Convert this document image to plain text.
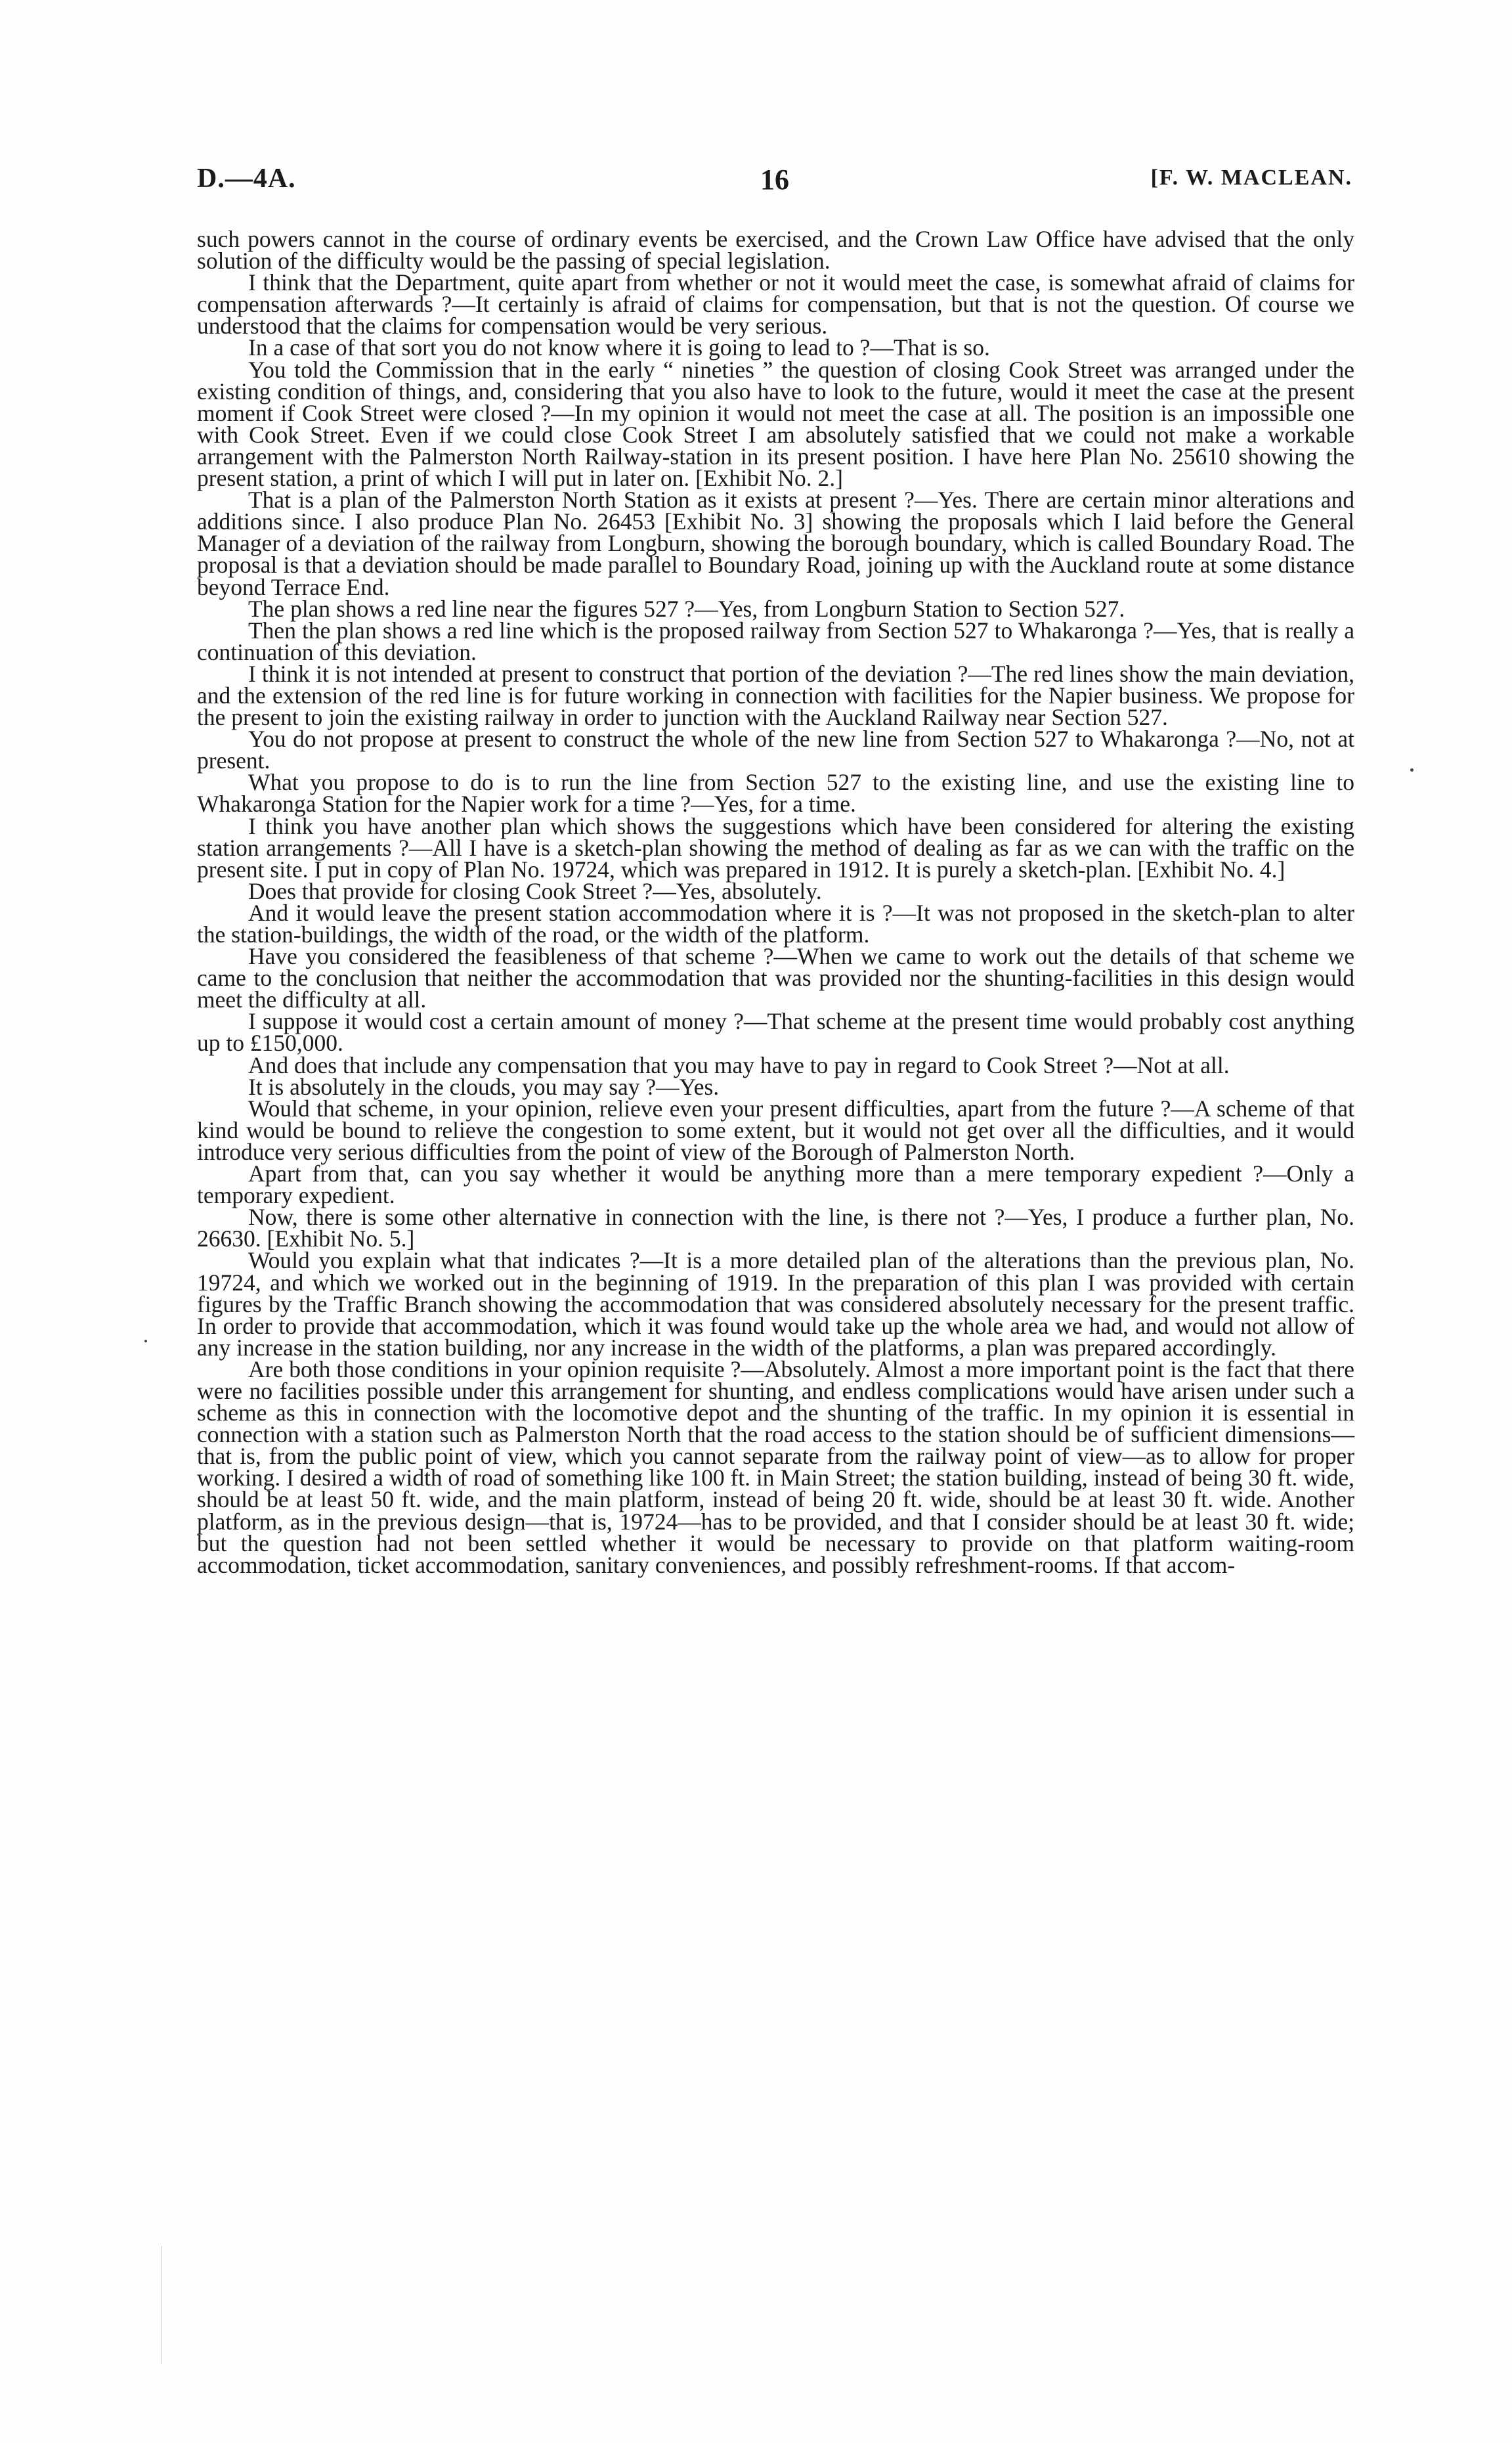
D.—4A.	16	[F. W. MACLEAN.

such powers cannot in the course of ordinary events be exercised, and the Crown Law Office have advised that the only solution of the difficulty would be the passing of special legislation.

I think that the Department, quite apart from whether or not it would meet the case, is somewhat afraid of claims for compensation afterwards ?—It certainly is afraid of claims for compensation, but that is not the question. Of course we understood that the claims for compensation would be very serious.

In a case of that sort you do not know where it is going to lead to ?—That is so.

You told the Commission that in the early “ nineties ” the question of closing Cook Street was arranged under the existing condition of things, and, considering that you also have to look to the future, would it meet the case at the present moment if Cook Street were closed ?—In my opinion it would not meet the case at all. The position is an impossible one with Cook Street. Even if we could close Cook Street I am absolutely satisfied that we could not make a workable arrangement with the Palmerston North Railway-station in its present position. I have here Plan No. 25610 showing the present station, a print of which I will put in later on. [Exhibit No. 2.]

That is a plan of the Palmerston North Station as it exists at present ?—Yes. There are certain minor alterations and additions since. I also produce Plan No. 26453 [Exhibit No. 3] showing the proposals which I laid before the General Manager of a deviation of the railway from Longburn, showing the borough boundary, which is called Boundary Road. The proposal is that a deviation should be made parallel to Boundary Road, joining up with the Auckland route at some distance beyond Terrace End.

The plan shows a red line near the figures 527 ?—Yes, from Longburn Station to Section 527.

Then the plan shows a red line which is the proposed railway from Section 527 to Whakaronga ?—Yes, that is really a continuation of this deviation.

I think it is not intended at present to construct that portion of the deviation ?—The red lines show the main deviation, and the extension of the red line is for future working in connection with facilities for the Napier business. We propose for the present to join the existing railway in order to junction with the Auckland Railway near Section 527.

You do not propose at present to construct the whole of the new line from Section 527 to Whakaronga ?—No, not at present.

What you propose to do is to run the line from Section 527 to the existing line, and use the existing line to Whakaronga Station for the Napier work for a time ?—Yes, for a time.

I think you have another plan which shows the suggestions which have been considered for altering the existing station arrangements ?—All I have is a sketch-plan showing the method of dealing as far as we can with the traffic on the present site. I put in copy of Plan No. 19724, which was prepared in 1912. It is purely a sketch-plan. [Exhibit No. 4.]

Does that provide for closing Cook Street ?—Yes, absolutely.

And it would leave the present station accommodation where it is ?—It was not proposed in the sketch-plan to alter the station-buildings, the width of the road, or the width of the platform.

Have you considered the feasibleness of that scheme ?—When we came to work out the details of that scheme we came to the conclusion that neither the accommodation that was provided nor the shunting-facilities in this design would meet the difficulty at all.

I suppose it would cost a certain amount of money ?—That scheme at the present time would probably cost anything up to £150,000.

And does that include any compensation that you may have to pay in regard to Cook Street ?—Not at all.

It is absolutely in the clouds, you may say ?—Yes.

Would that scheme, in your opinion, relieve even your present difficulties, apart from the future ?—A scheme of that kind would be bound to relieve the congestion to some extent, but it would not get over all the difficulties, and it would introduce very serious difficulties from the point of view of the Borough of Palmerston North.

Apart from that, can you say whether it would be anything more than a mere temporary expedient ?—Only a temporary expedient.

Now, there is some other alternative in connection with the line, is there not ?—Yes, I produce a further plan, No. 26630. [Exhibit No. 5.]

Would you explain what that indicates ?—It is a more detailed plan of the alterations than the previous plan, No. 19724, and which we worked out in the beginning of 1919. In the preparation of this plan I was provided with certain figures by the Traffic Branch showing the accommodation that was considered absolutely necessary for the present traffic. In order to provide that accommodation, which it was found would take up the whole area we had, and would not allow of any increase in the station building, nor any increase in the width of the platforms, a plan was prepared accordingly.

Are both those conditions in your opinion requisite ?—Absolutely. Almost a more important point is the fact that there were no facilities possible under this arrangement for shunting, and endless complications would have arisen under such a scheme as this in connection with the locomotive depot and the shunting of the traffic. In my opinion it is essential in connection with a station such as Palmerston North that the road access to the station should be of sufficient dimensions—that is, from the public point of view, which you cannot separate from the railway point of view—as to allow for proper working. I desired a width of road of something like 100 ft. in Main Street; the station building, instead of being 30 ft. wide, should be at least 50 ft. wide, and the main platform, instead of being 20 ft. wide, should be at least 30 ft. wide. Another platform, as in the previous design—that is, 19724—has to be provided, and that I consider should be at least 30 ft. wide; but the question had not been settled whether it would be necessary to provide on that platform waiting-room accommodation, ticket accommodation, sanitary conveniences, and possibly refreshment-rooms. If that accom-
